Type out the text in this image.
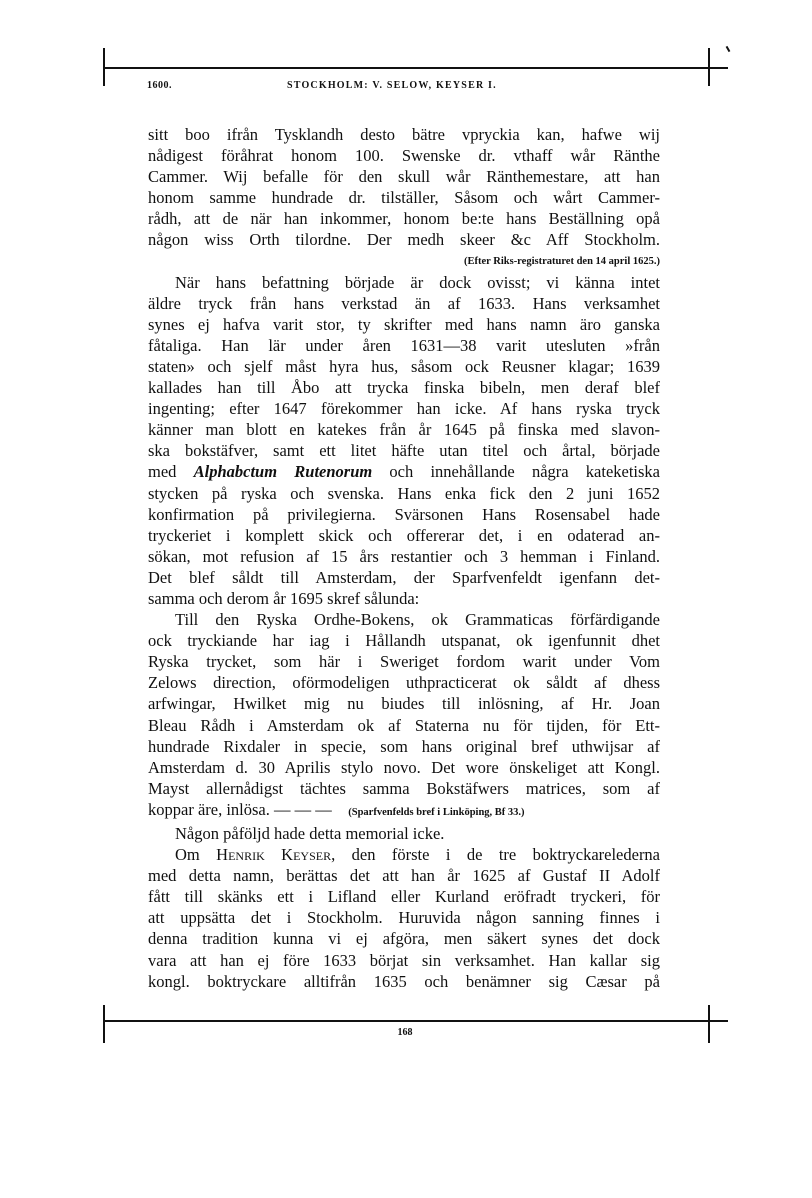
1600.	STOCKHOLM: V. SELOW, KEYSER I.
sitt boo ifrån Tysklandh desto bätre vpryckia kan, hafwe wij
nådigest föråhrat honom 100. Swenske dr. vthaff wår Ränthe
Cammer. Wij befalle för den skull wår Ränthemestare, att han
honom samme hundrade dr. tilställer, Såsom och wårt Cammer-
rådh, att de när han inkommer, honom be:te hans Beställning opå
någon wiss Orth tilordne. Der medh skeer &c Aff Stockholm.
(Efter Riks-registraturet den 14 april 1625.)
När hans befattning började är dock ovisst; vi känna intet
äldre tryck från hans verkstad än af 1633. Hans verksamhet
synes ej hafva varit stor, ty skrifter med hans namn äro ganska
fåtaliga. Han lär under åren 1631—38 varit utesluten »från
staten» och sjelf måst hyra hus, såsom ock Reusner klagar; 1639
kallades han till Åbo att trycka finska bibeln, men deraf blef
ingenting; efter 1647 förekommer han icke. Af hans ryska tryck
känner man blott en katekes från år 1645 på finska med slavon-
ska bokstäfver, samt ett litet häfte utan titel och årtal, började
med Alphabctum Rutenorum och innehållande några kateketiska
stycken på ryska och svenska. Hans enka fick den 2 juni 1652
konfirmation på privilegierna. Svärsonen Hans Rosensabel hade
tryckeriet i komplett skick och offererar det, i en odaterad an-
sökan, mot refusion af 15 års restantier och 3 hemman i Finland.
Det blef såldt till Amsterdam, der Sparfvenfeldt igenfann det-
samma och derom år 1695 skref sålunda:
Till den Ryska Ordhe-Bokens, ok Grammaticas förfärdigande
ock tryckiande har iag i Hållandh utspanat, ok igenfunnit dhet
Ryska trycket, som här i Sweriget fordom warit under Vom
Zelows direction, oförmodeligen uthpracticerat ok såldt af dhess
arfwingar, Hwilket mig nu biudes till inlösning, af Hr. Joan
Bleau Rådh i Amsterdam ok af Staterna nu för tijden, för Ett-
hundrade Rixdaler in specie, som hans original bref uthwijsar af
Amsterdam d. 30 Aprilis stylo novo. Det wore önskeliget att Kongl.
Mayst allernådigst tächtes samma Bokstäfwers matrices, som af
koppar äre, inlösa. — — — (Sparfvenfelds bref i Linköping, Bf 33.)
Någon påföljd hade detta memorial icke.
Om Henrik Keyser, den förste i de tre boktryckarelederna
med detta namn, berättas det att han år 1625 af Gustaf II Adolf
fått till skänks ett i Lifland eller Kurland eröfradt tryckeri, för
att uppsätta det i Stockholm. Huruvida någon sanning finnes i
denna tradition kunna vi ej afgöra, men säkert synes det dock
vara att han ej före 1633 börjat sin verksamhet. Han kallar sig
kongl. boktryckare alltifrån 1635 och benämner sig Cæsar på
168
